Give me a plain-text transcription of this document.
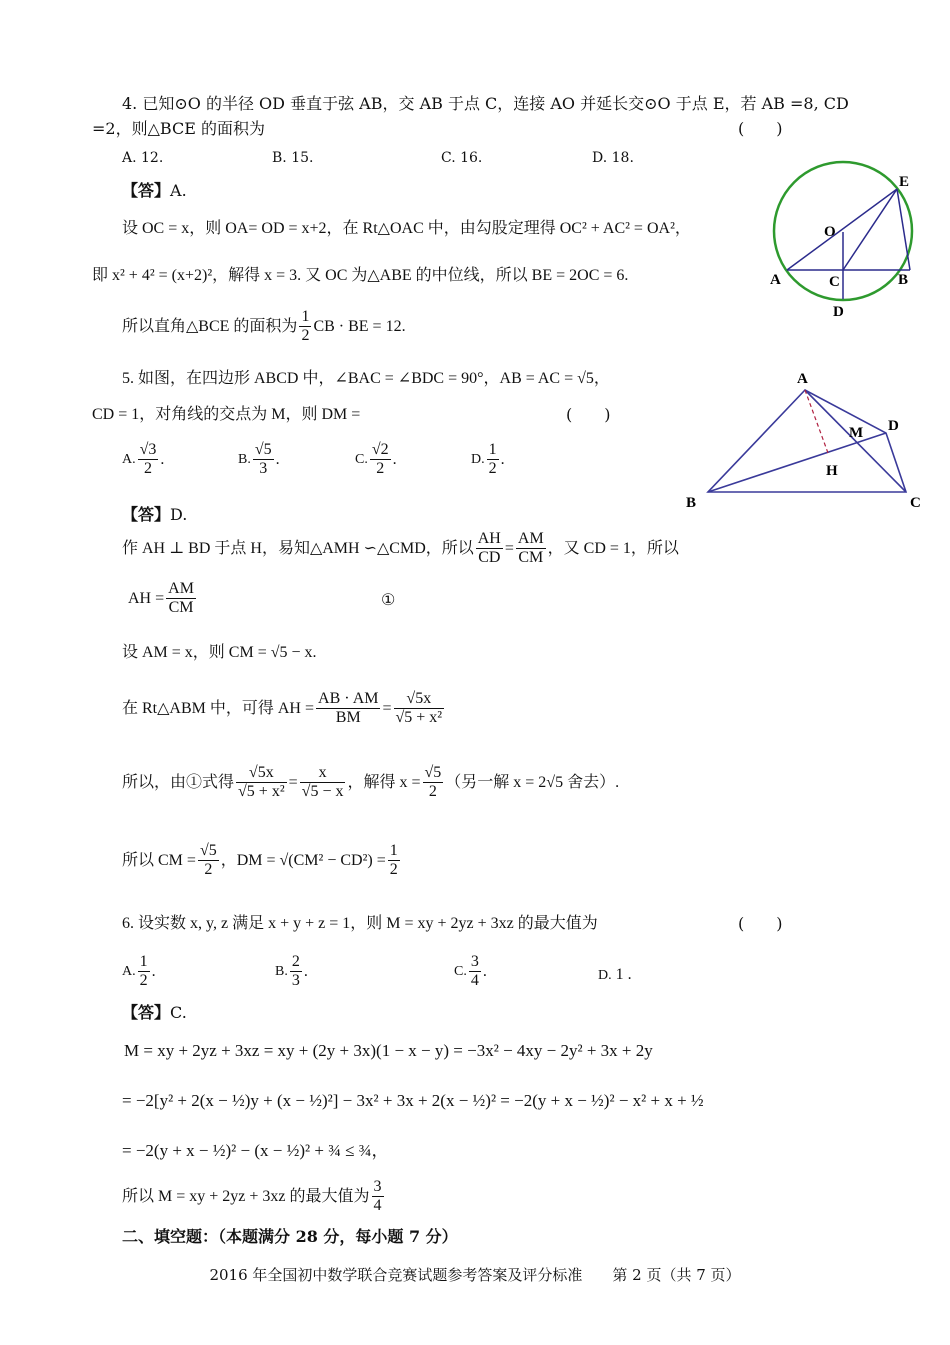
4. 已知⊙O 的半径 OD 垂直于弦 AB，交 AB 于点 C，连接 AO 并延长交⊙O 于点 E，若 AB =8, CD
=2，则△BCE 的面积为	(　　)
A. 12.	B. 15.	C. 16.	D. 18.
【答】A.
设 OC = x，则 OA= OD = x+2，在 Rt△OAC 中，由勾股定理得 OC² + AC² = OA²，
即 x² + 4² = (x+2)²，解得 x = 3. 又 OC 为△ABE 的中位线，所以 BE = 2OC = 6.
所以直角△BCE 的面积为 $\frac{1}{2}$ CB · BE = 12.
E
O
A	C	B
D
5. 如图，在四边形 ABCD 中，∠BAC = ∠BDC = 90°，AB = AC = √5，
CD = 1，对角线的交点为 M，则 DM =	(　　)
A. $\frac{√3}{2}$ .	B. $\frac{√5}{3}$ .	C. $\frac{√2}{2}$ .	D. $\frac{1}{2}$ .
【答】D.
作 AH ⊥ BD 于点 H，易知△AMH ∽△CMD，所以 $\frac{AH}{CD} = \frac{AM}{CM}$ ，又 CD = 1，所以
AH = $\frac{AM}{CM}$	①
设 AM = x，则 CM = √5 − x.
在 Rt△ABM 中，可得 AH = $\frac{AB \cdot AM}{BM} = \frac{√5x}{\text{√5 + x²}}$
所以，由①式得 $\frac{√5x}{\text{√5 + x²}} = \frac{x}{√5 - x}$ ，解得 $x = \frac{√5}{2}$ （另一解 x = 2√5 舍去）.
所以 CM = $\frac{√5}{2}$ ，DM = $√(CM^2 - CD^2) = \frac{1}{2}$
A
D
M
H
B	C
6. 设实数 x, y, z 满足 x + y + z = 1，则 M = xy + 2yz + 3xz 的最大值为	(　　)
A. $\frac{1}{2}$ .	B. $\frac{2}{3}$ .	C. $\frac{3}{4}$ .	D. 1 .
【答】C.
M = xy + 2yz + 3xz = xy + (2y + 3x)(1 − x − y) = −3x² − 4xy − 2y² + 3x + 2y
= −2[y² + 2(x − ½)y + (x − ½)²] − 3x² + 3x + 2(x − ½)² = −2(y + x − ½)² − x² + x + ½
= −2(y + x − ½)² − (x − ½)² + ¾ ≤ ¾，
所以 M = xy + 2yz + 3xz 的最大值为 $\frac{3}{4}$
二、填空题：（本题满分 28 分，每小题 7 分）
2016 年全国初中数学联合竞赛试题参考答案及评分标准　　第 2 页（共 7 页）
